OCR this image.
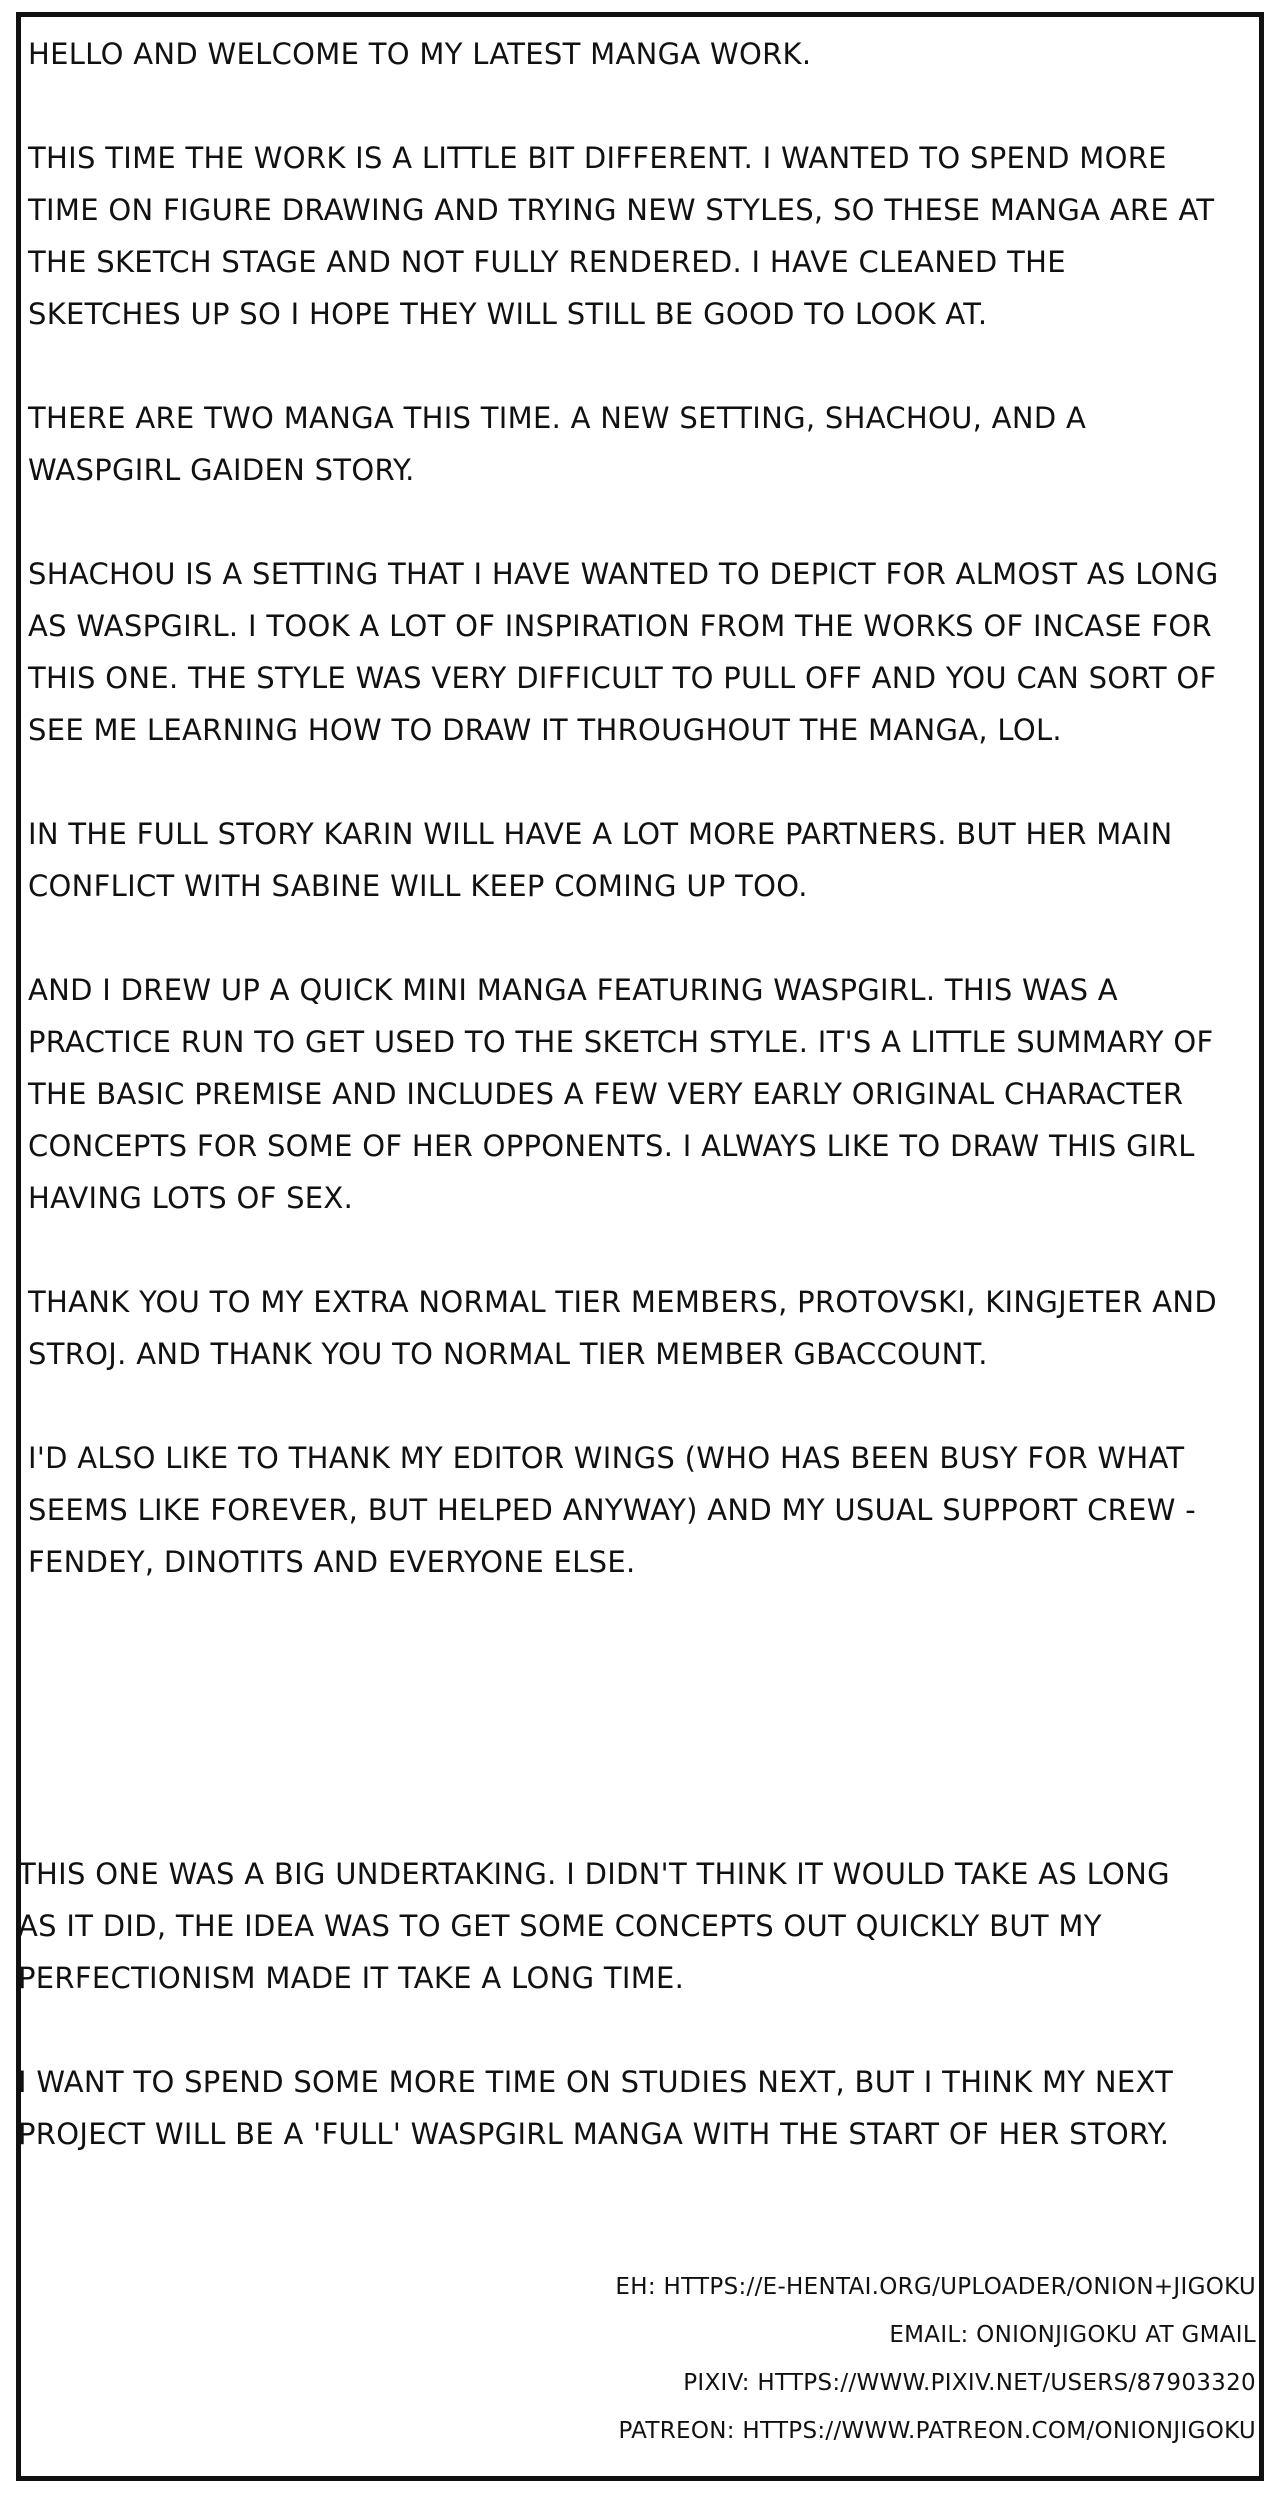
HELLO AND WELCOME TO MY LATEST MANGA WORK.

THIS TIME THE WORK IS A LITTLE BIT DIFFERENT. I WANTED TO SPEND MORE TIME ON FIGURE DRAWING AND TRYING NEW STYLES, SO THESE MANGA ARE AT THE SKETCH STAGE AND NOT FULLY RENDERED. I HAVE CLEANED THE SKETCHES UP SO I HOPE THEY WILL STILL BE GOOD TO LOOK AT.

THERE ARE TWO MANGA THIS TIME. A NEW SETTING, SHACHOU, AND A WASPGIRL GAIDEN STORY.

SHACHOU IS A SETTING THAT I HAVE WANTED TO DEPICT FOR ALMOST AS LONG AS WASPGIRL. I TOOK A LOT OF INSPIRATION FROM THE WORKS OF INCASE FOR THIS ONE. THE STYLE WAS VERY DIFFICULT TO PULL OFF AND YOU CAN SORT OF SEE ME LEARNING HOW TO DRAW IT THROUGHOUT THE MANGA, LOL.

IN THE FULL STORY KARIN WILL HAVE A LOT MORE PARTNERS. BUT HER MAIN CONFLICT WITH SABINE WILL KEEP COMING UP TOO.

AND I DREW UP A QUICK MINI MANGA FEATURING WASPGIRL. THIS WAS A PRACTICE RUN TO GET USED TO THE SKETCH STYLE. IT'S A LITTLE SUMMARY OF THE BASIC PREMISE AND INCLUDES A FEW VERY EARLY ORIGINAL CHARACTER CONCEPTS FOR SOME OF HER OPPONENTS. I ALWAYS LIKE TO DRAW THIS GIRL HAVING LOTS OF SEX.

THANK YOU TO MY EXTRA NORMAL TIER MEMBERS, PROTOVSKI, KINGJETER AND STROJ. AND THANK YOU TO NORMAL TIER MEMBER GBACCOUNT.

I'D ALSO LIKE TO THANK MY EDITOR WINGS (WHO HAS BEEN BUSY FOR WHAT SEEMS LIKE FOREVER, BUT HELPED ANYWAY) AND MY USUAL SUPPORT CREW - FENDEY, DINOTITS AND EVERYONE ELSE.

THIS ONE WAS A BIG UNDERTAKING. I DIDN'T THINK IT WOULD TAKE AS LONG AS IT DID, THE IDEA WAS TO GET SOME CONCEPTS OUT QUICKLY BUT MY PERFECTIONISM MADE IT TAKE A LONG TIME.

I WANT TO SPEND SOME MORE TIME ON STUDIES NEXT, BUT I THINK MY NEXT PROJECT WILL BE A 'FULL' WASPGIRL MANGA WITH THE START OF HER STORY.

EH: HTTPS://E-HENTAI.ORG/UPLOADER/ONION+JIGOKU

EMAIL: ONIONJIGOKU AT GMAIL

PIXIV: HTTPS://WWW.PIXIV.NET/USERS/87903320

PATREON: HTTPS://WWW.PATREON.COM/ONIONJIGOKU
